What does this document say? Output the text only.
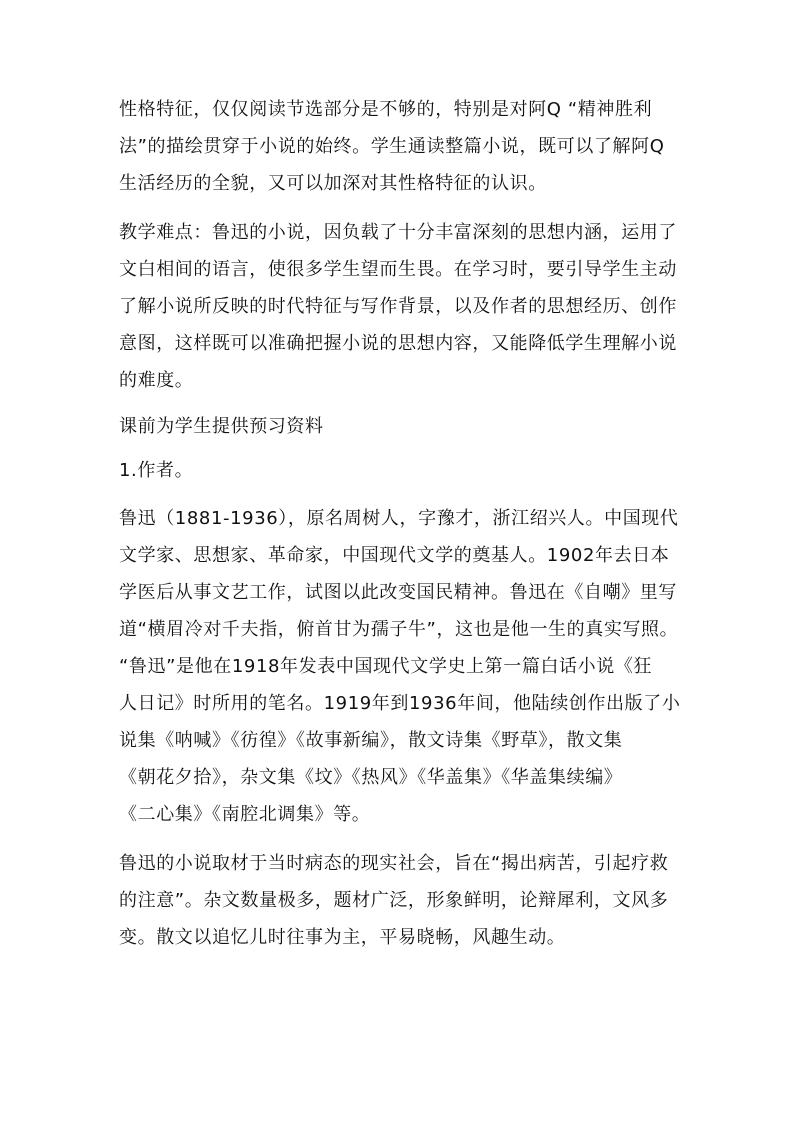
性格特征，仅仅阅读节选部分是不够的，特别是对阿Q “精神胜利
法”的描绘贯穿于小说的始终。学生通读整篇小说，既可以了解阿Q
生活经历的全貌，又可以加深对其性格特征的认识。
教学难点：鲁迅的小说，因负载了十分丰富深刻的思想内涵，运用了
文白相间的语言，使很多学生望而生畏。在学习时，要引导学生主动
了解小说所反映的时代特征与写作背景，以及作者的思想经历、创作
意图，这样既可以准确把握小说的思想内容，又能降低学生理解小说
的难度。
课前为学生提供预习资料
1.作者。
鲁迅（1881-1936），原名周树人，字豫才，浙江绍兴人。中国现代
文学家、思想家、革命家，中国现代文学的奠基人。1902年去日本
学医后从事文艺工作，试图以此改变国民精神。鲁迅在《自嘲》里写
道“横眉冷对千夫指，俯首甘为孺子牛”，这也是他一生的真实写照。
“鲁迅”是他在1918年发表中国现代文学史上第一篇白话小说《狂
人日记》时所用的笔名。1919年到1936年间，他陆续创作出版了小
说集《呐喊》《彷徨》《故事新编》，散文诗集《野草》，散文集
《朝花夕拾》，杂文集《坟》《热风》《华盖集》《华盖集续编》
《二心集》《南腔北调集》等。
鲁迅的小说取材于当时病态的现实社会，旨在“揭出病苦，引起疗救
的注意”。杂文数量极多，题材广泛，形象鲜明，论辩犀利，文风多
变。散文以追忆儿时往事为主，平易晓畅，风趣生动。
